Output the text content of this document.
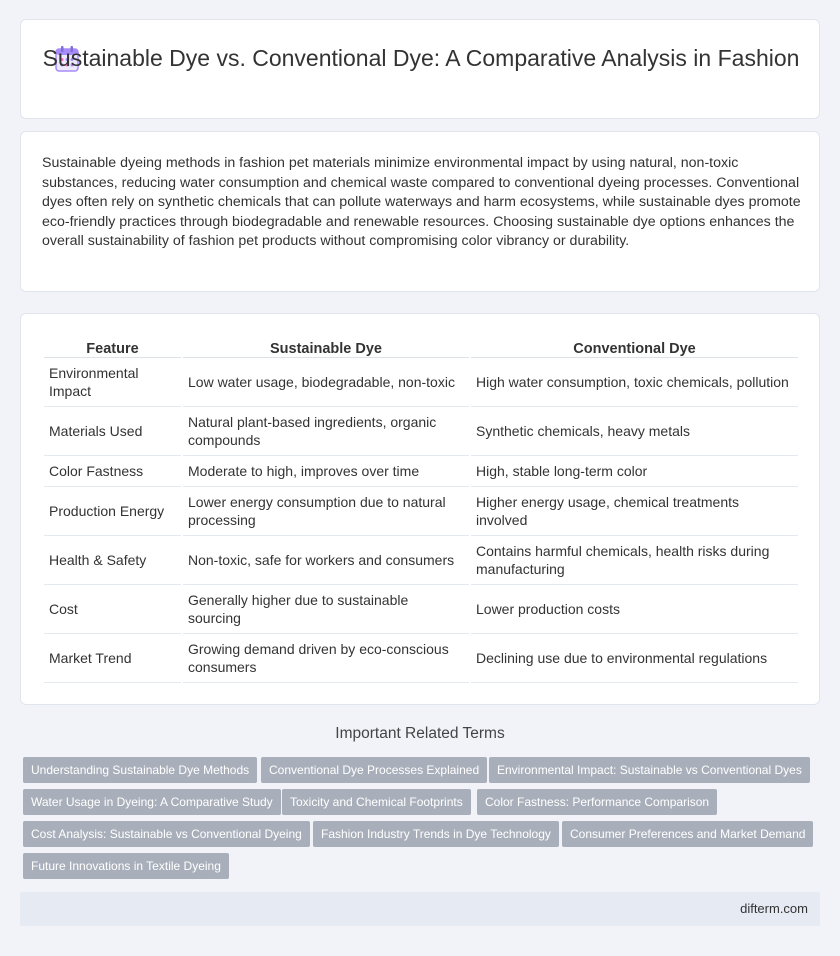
Sustainable Dye vs. Conventional Dye: A Comparative Analysis in Fashion

Sustainable dyeing methods in fashion pet materials minimize environmental impact by using natural, non-toxic substances, reducing water consumption and chemical waste compared to conventional dyeing processes. Conventional dyes often rely on synthetic chemicals that can pollute waterways and harm ecosystems, while sustainable dyes promote eco-friendly practices through biodegradable and renewable resources. Choosing sustainable dye options enhances the overall sustainability of fashion pet products without compromising color vibrancy or durability.

Feature	Sustainable Dye	Conventional Dye
Environmental Impact	Low water usage, biodegradable, non-toxic	High water consumption, toxic chemicals, pollution
Materials Used	Natural plant-based ingredients, organic compounds	Synthetic chemicals, heavy metals
Color Fastness	Moderate to high, improves over time	High, stable long-term color
Production Energy	Lower energy consumption due to natural processing	Higher energy usage, chemical treatments involved
Health & Safety	Non-toxic, safe for workers and consumers	Contains harmful chemicals, health risks during manufacturing
Cost	Generally higher due to sustainable sourcing	Lower production costs
Market Trend	Growing demand driven by eco-conscious consumers	Declining use due to environmental regulations
Important Related Terms
Understanding Sustainable Dye Methods	Conventional Dye Processes Explained	Environmental Impact: Sustainable vs Conventional Dyes
Water Usage in Dyeing: A Comparative Study	Toxicity and Chemical Footprints	Color Fastness: Performance Comparison
Cost Analysis: Sustainable vs Conventional Dyeing	Fashion Industry Trends in Dye Technology	Consumer Preferences and Market Demand
Future Innovations in Textile Dyeing
difterm.com
